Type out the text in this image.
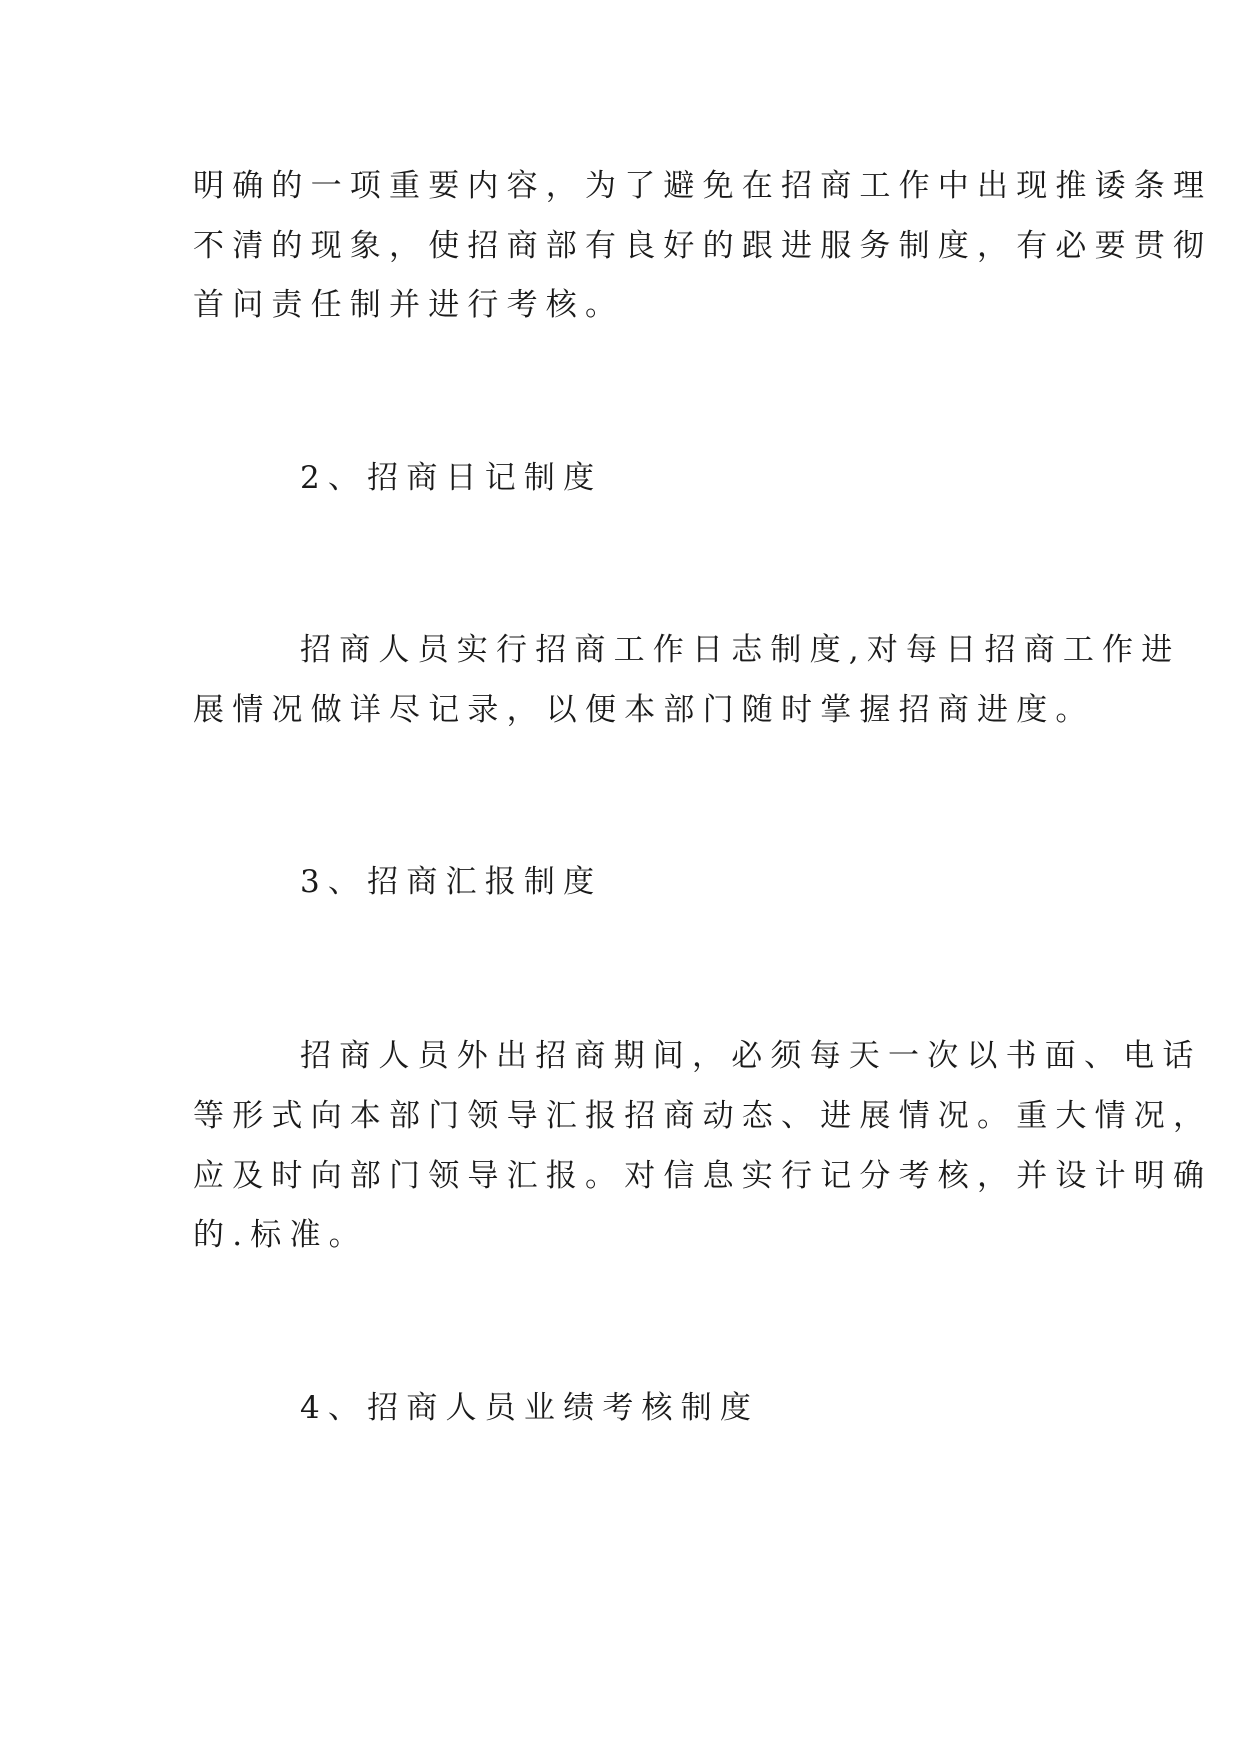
明确的一项重要内容，为了避免在招商工作中出现推诿条理
不清的现象，使招商部有良好的跟进服务制度，有必要贯彻
首问责任制并进行考核。
2、招商日记制度
招商人员实行招商工作日志制度,对每日招商工作进
展情况做详尽记录，以便本部门随时掌握招商进度。
3、招商汇报制度
招商人员外出招商期间，必须每天一次以书面、电话
等形式向本部门领导汇报招商动态、进展情况。重大情况，
应及时向部门领导汇报。对信息实行记分考核，并设计明确
的.标准。
4、招商人员业绩考核制度
